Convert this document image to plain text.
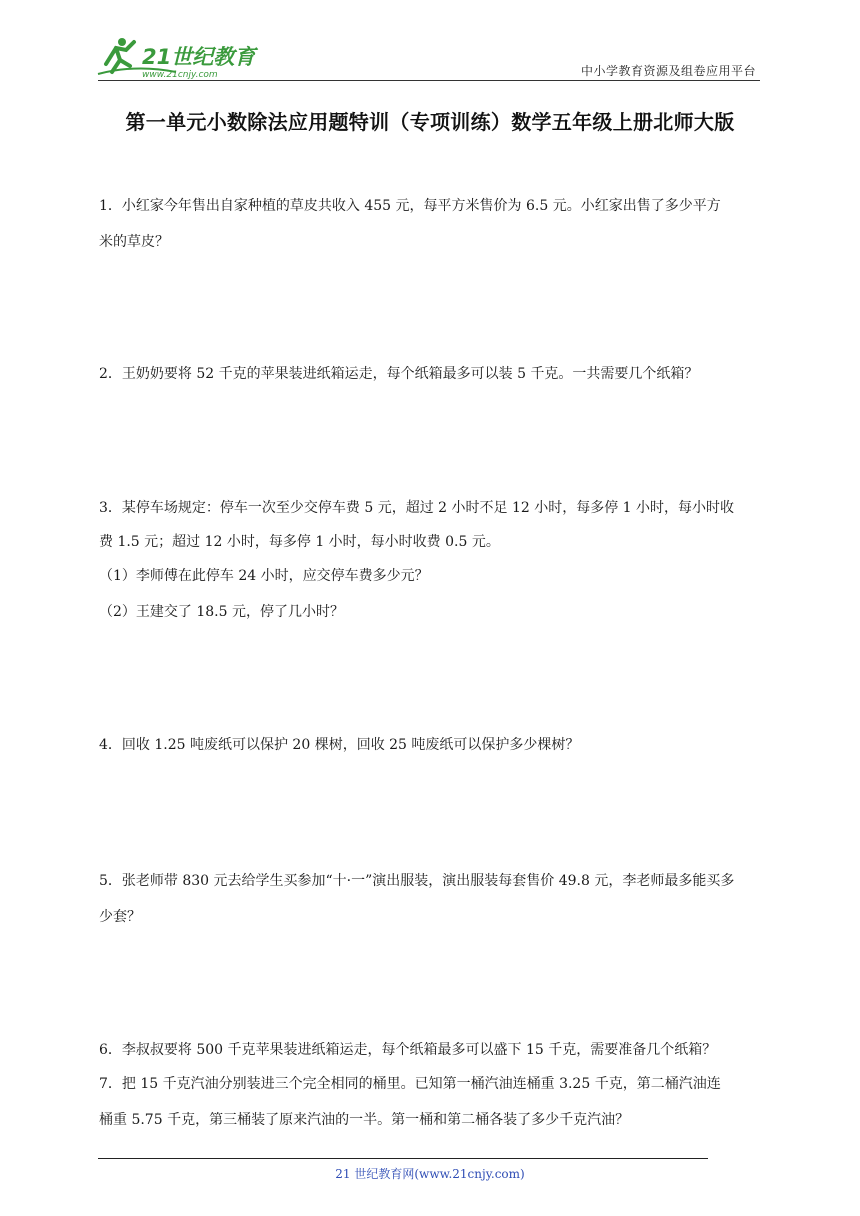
21世纪教育
www.21cnjy.com	中小学教育资源及组卷应用平台
第一单元小数除法应用题特训（专项训练）数学五年级上册北师大版

1．小红家今年售出自家种植的草皮共收入 455 元，每平方米售价为 6.5 元。小红家出售了多少平方

米的草皮？

2．王奶奶要将 52 千克的苹果装进纸箱运走，每个纸箱最多可以装 5 千克。一共需要几个纸箱？

3．某停车场规定：停车一次至少交停车费 5 元，超过 2 小时不足 12 小时，每多停 1 小时，每小时收

费 1.5 元；超过 12 小时，每多停 1 小时，每小时收费 0.5 元。

（1）李师傅在此停车 24 小时，应交停车费多少元？

（2）王建交了 18.5 元，停了几小时？

4．回收 1.25 吨废纸可以保护 20 棵树，回收 25 吨废纸可以保护多少棵树？

5．张老师带 830 元去给学生买参加“十·一”演出服装，演出服装每套售价 49.8 元，李老师最多能买多

少套？

6．李叔叔要将 500 千克苹果装进纸箱运走，每个纸箱最多可以盛下 15 千克，需要准备几个纸箱？

7．把 15 千克汽油分别装进三个完全相同的桶里。已知第一桶汽油连桶重 3.25 千克，第二桶汽油连

桶重 5.75 千克，第三桶装了原来汽油的一半。第一桶和第二桶各装了多少千克汽油？

21 世纪教育网(www.21cnjy.com)
